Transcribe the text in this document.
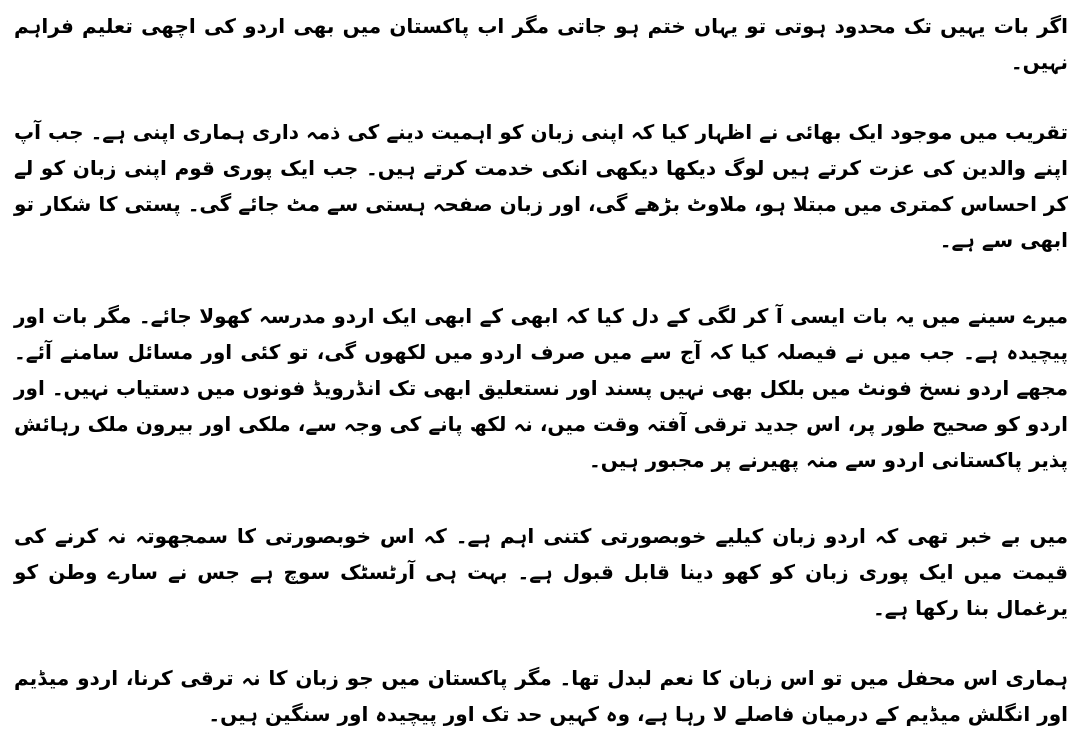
اگر بات یہیں تک محدود ہوتی تو یہاں ختم ہو جاتی مگر اب پاکستان میں بھی اردو کی اچھی تعلیم فراہم نہیں۔

تقریب میں موجود ایک بھائی نے اظہار کیا کہ اپنی زبان کو اہمیت دینے کی ذمہ داری ہماری اپنی ہے۔ جب آپ اپنے والدین کی عزت کرتے ہیں لوگ دیکھا دیکھی انکی خدمت کرتے ہیں۔ جب ایک پوری قوم اپنی زبان کو لے کر احساس کمتری میں مبتلا ہو، ملاوٹ بڑھے گی، اور زبان صفحہ ہستی سے مٹ جائے گی۔ پستی کا شکار تو ابھی سے ہے۔

میرے سینے میں یہ بات ایسی آ کر لگی کے دل کیا کہ ابھی کے ابھی ایک اردو مدرسہ کھولا جائے۔ مگر بات اور پیچیدہ ہے۔ جب میں نے فیصلہ کیا کہ آج سے میں صرف اردو میں لکھوں گی، تو کئی اور مسائل سامنے آئے۔ مجھے اردو نسخ فونٹ میں بلکل بھی نہیں پسند اور نستعلیق ابھی تک انڈرویڈ فونوں میں دستیاب نہیں۔ اور اردو کو صحیح طور پر، اس جدید ترقی آفتہ وقت میں، نہ لکھ پانے کی وجہ سے، ملکی اور بیرون ملک رہائش پذیر پاکستانی اردو سے منہ پھیرنے پر مجبور ہیں۔

میں بے خبر تھی کہ اردو زبان کیلیے خوبصورتی کتنی اہم ہے۔ کہ اس خوبصورتی کا سمجھوتہ نہ کرنے کی قیمت میں ایک پوری زبان کو کھو دینا قابل قبول ہے۔ بہت ہی آرٹسٹک سوچ ہے جس نے سارے وطن کو یرغمال بنا رکھا ہے۔

ہماری اس محفل میں تو اس زبان کا نعم لبدل تھا۔ مگر پاکستان میں جو زبان کا نہ ترقی کرنا، اردو میڈیم اور انگلش میڈیم کے درمیان فاصلے لا رہا ہے، وہ کہیں حد تک اور پیچیدہ اور سنگین ہیں۔
